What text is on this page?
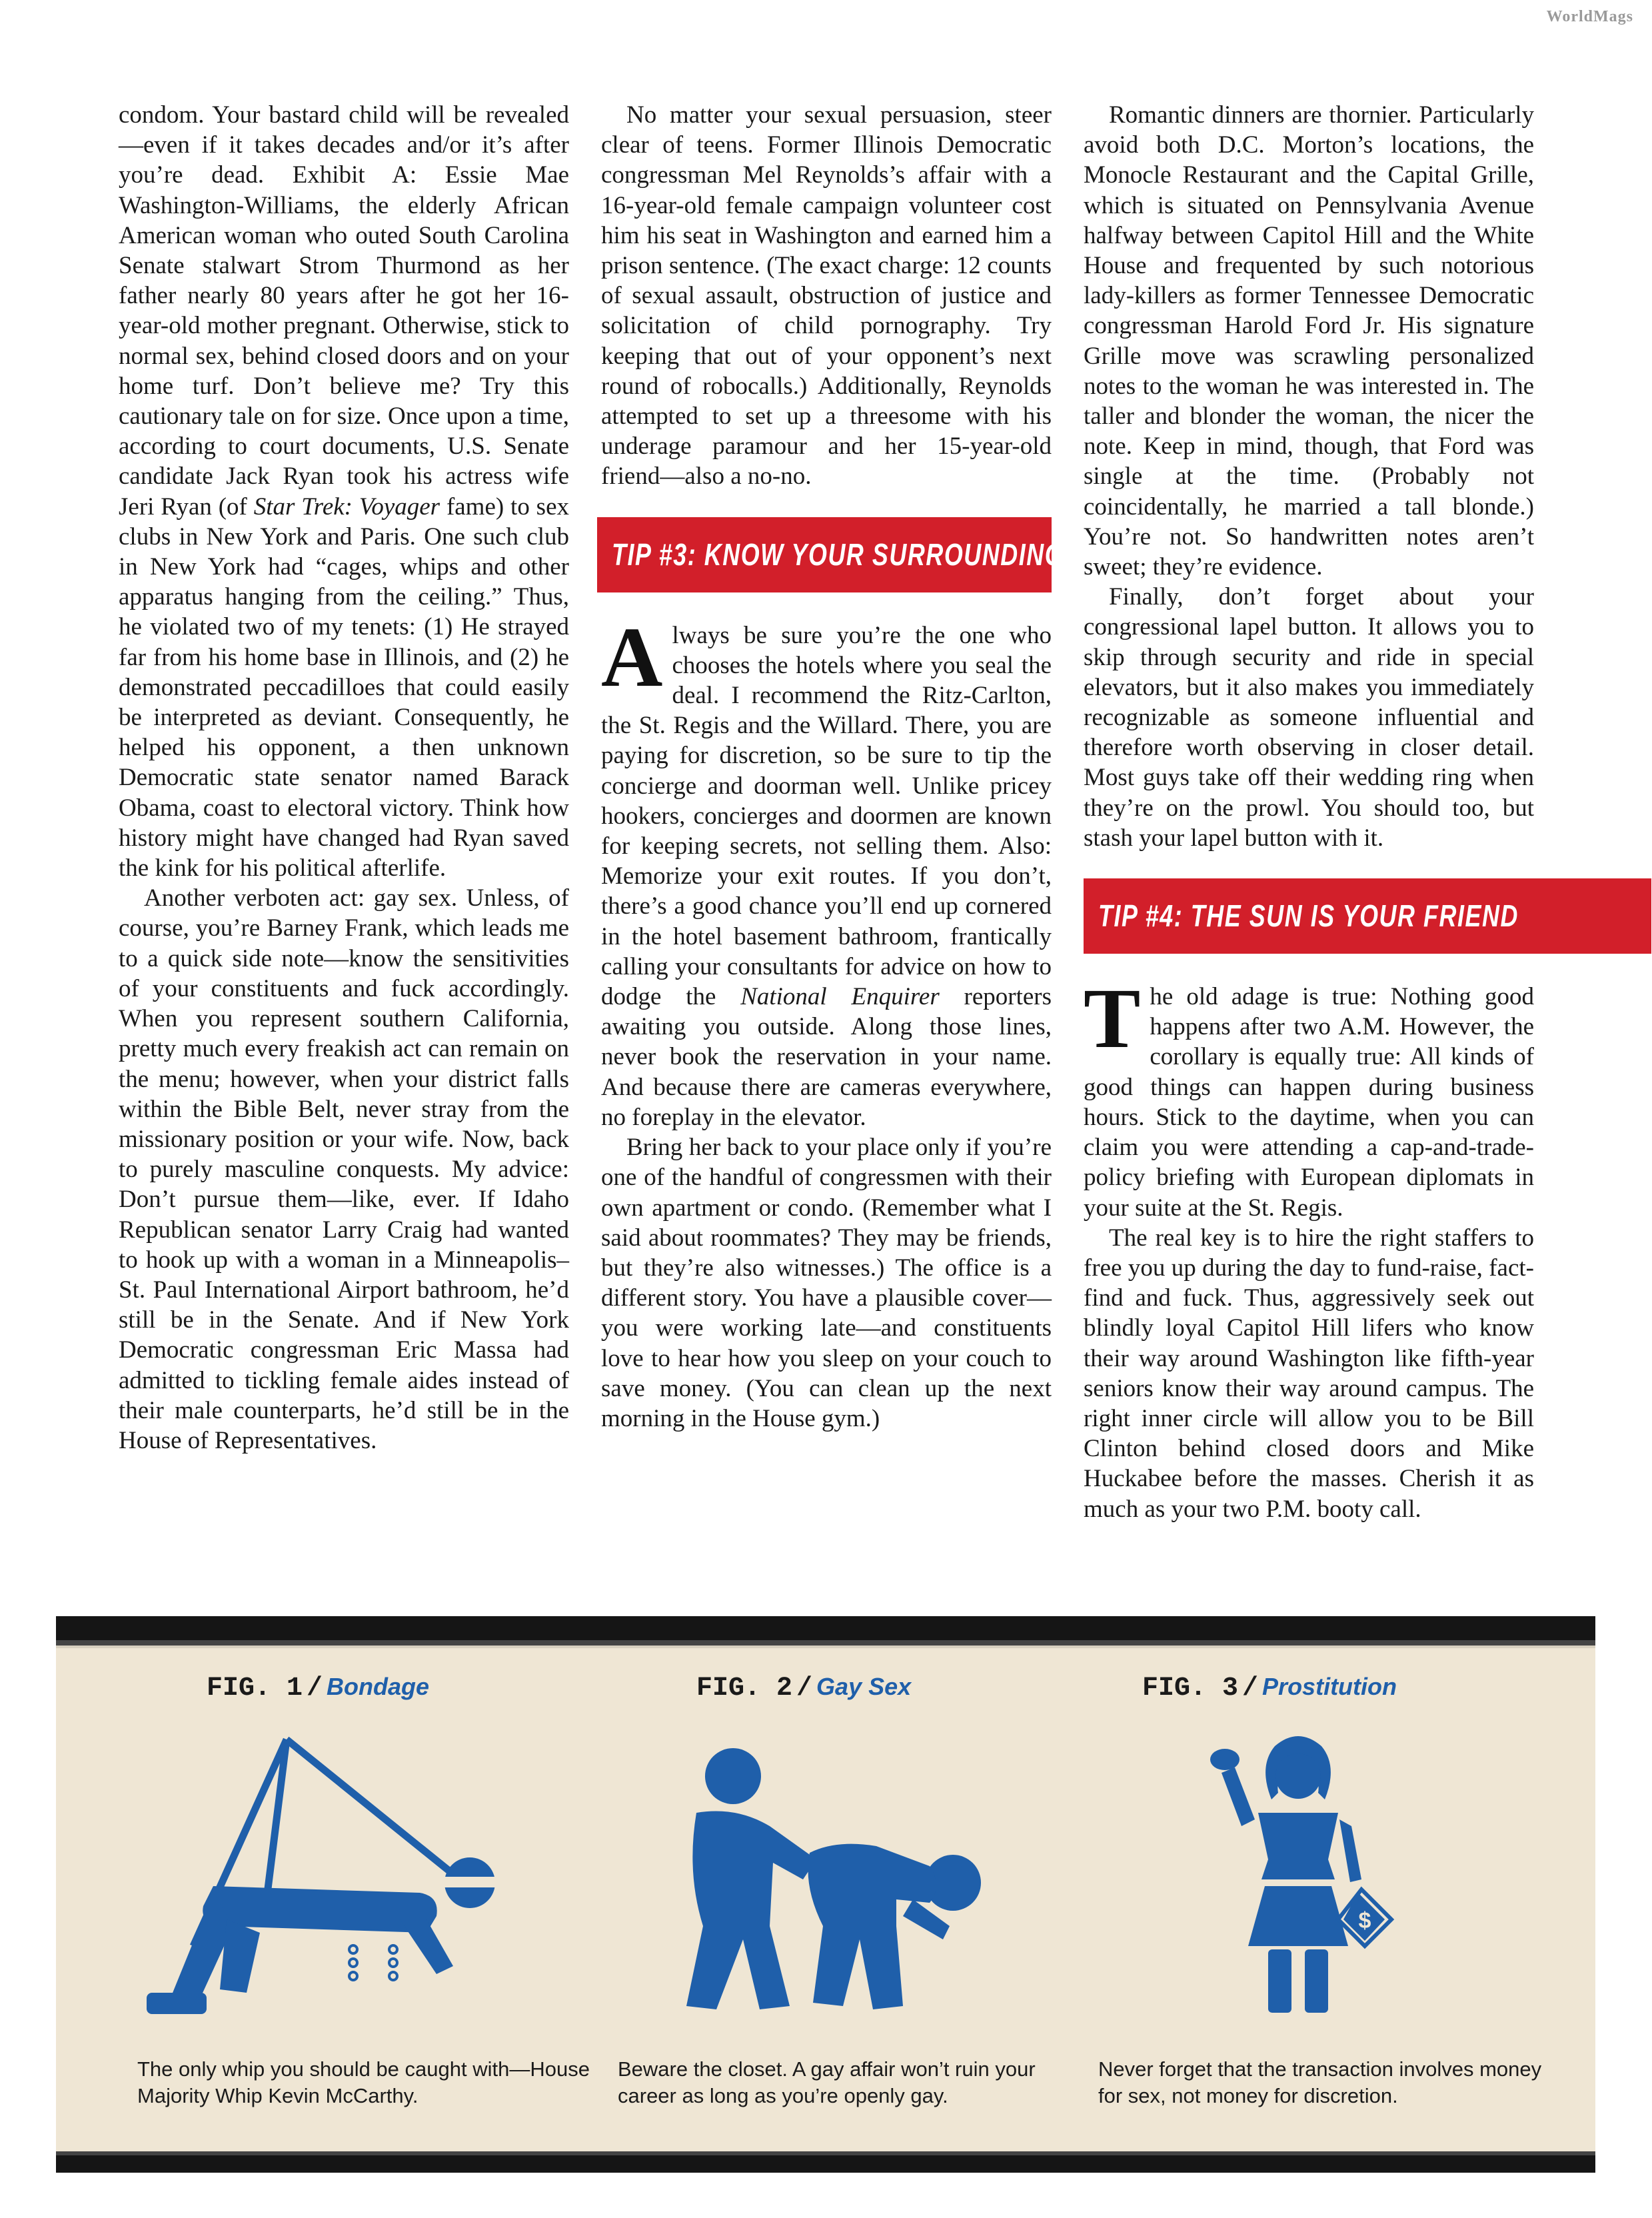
WorldMags

condom. Your bastard child will be revealed—even if it takes decades and/or it’s after you’re dead. Exhibit A: Essie Mae Washington-Williams, the elderly African American woman who outed South Carolina Senate stalwart Strom Thurmond as her father nearly 80 years after he got her 16-year-old mother pregnant. Otherwise, stick to normal sex, behind closed doors and on your home turf. Don’t believe me? Try this cautionary tale on for size. Once upon a time, according to court documents, U.S. Senate candidate Jack Ryan took his actress wife Jeri Ryan (of Star Trek: Voyager fame) to sex clubs in New York and Paris. One such club in New York had “cages, whips and other apparatus hanging from the ceiling.” Thus, he violated two of my tenets: (1) He strayed far from his home base in Illinois, and (2) he demonstrated peccadilloes that could easily be interpreted as deviant. Consequently, he helped his opponent, a then unknown Democratic state senator named Barack Obama, coast to electoral victory. Think how history might have changed had Ryan saved the kink for his political afterlife.

Another verboten act: gay sex. Unless, of course, you’re Barney Frank, which leads me to a quick side note—know the sensitivities of your constituents and fuck accordingly. When you represent southern California, pretty much every freakish act can remain on the menu; however, when your district falls within the Bible Belt, never stray from the missionary position or your wife. Now, back to purely masculine conquests. My advice: Don’t pursue them—like, ever. If Idaho Republican senator Larry Craig had wanted to hook up with a woman in a Minneapolis–St. Paul International Airport bathroom, he’d still be in the Senate. And if New York Democratic congressman Eric Massa had admitted to tickling female aides instead of their male counterparts, he’d still be in the House of Representatives.

No matter your sexual persuasion, steer clear of teens. Former Illinois Democratic congressman Mel Reynolds’s affair with a 16-year-old female campaign volunteer cost him his seat in Washington and earned him a prison sentence. (The exact charge: 12 counts of sexual assault, obstruction of justice and solicitation of child pornography. Try keeping that out of your opponent’s next round of robocalls.) Additionally, Reynolds attempted to set up a threesome with his underage paramour and her 15-year-old friend—also a no-no.

TIP #3: KNOW YOUR SURROUNDINGS

Always be sure you’re the one who chooses the hotels where you seal the deal. I recommend the Ritz-Carlton, the St. Regis and the Willard. There, you are paying for discretion, so be sure to tip the concierge and doorman well. Unlike pricey hookers, concierges and doormen are known for keeping secrets, not selling them. Also: Memorize your exit routes. If you don’t, there’s a good chance you’ll end up cornered in the hotel basement bathroom, frantically calling your consultants for advice on how to dodge the National Enquirer reporters awaiting you outside. Along those lines, never book the reservation in your name. And because there are cameras everywhere, no foreplay in the elevator.

Bring her back to your place only if you’re one of the handful of congressmen with their own apartment or condo. (Remember what I said about roommates? They may be friends, but they’re also witnesses.) The office is a different story. You have a plausible cover—you were working late—and constituents love to hear how you sleep on your couch to save money. (You can clean up the next morning in the House gym.)

Romantic dinners are thornier. Particularly avoid both D.C. Morton’s locations, the Monocle Restaurant and the Capital Grille, which is situated on Pennsylvania Avenue halfway between Capitol Hill and the White House and frequented by such notorious lady-killers as former Tennessee Democratic congressman Harold Ford Jr. His signature Grille move was scrawling personalized notes to the woman he was interested in. The taller and blonder the woman, the nicer the note. Keep in mind, though, that Ford was single at the time. (Probably not coincidentally, he married a tall blonde.) You’re not. So handwritten notes aren’t sweet; they’re evidence.

Finally, don’t forget about your congressional lapel button. It allows you to skip through security and ride in special elevators, but it also makes you immediately recognizable as someone influential and therefore worth observing in closer detail. Most guys take off their wedding ring when they’re on the prowl. You should too, but stash your lapel button with it.

TIP #4: THE SUN IS YOUR FRIEND

The old adage is true: Nothing good happens after two A.M. However, the corollary is equally true: All kinds of good things can happen during business hours. Stick to the daytime, when you can claim you were attending a cap-and-trade-policy briefing with European diplomats in your suite at the St. Regis.

The real key is to hire the right staffers to free you up during the day to fund-raise, fact-find and fuck. Thus, aggressively seek out blindly loyal Capitol Hill lifers who know their way around Washington like fifth-year seniors know their way around campus. The right inner circle will allow you to be Bill Clinton behind closed doors and Mike Huckabee before the masses. Cherish it as much as your two P.M. booty call.

FIG. 1 / Bondage
The only whip you should be caught with—House Majority Whip Kevin McCarthy.
FIG. 2 / Gay Sex
Beware the closet. A gay affair won’t ruin your career as long as you’re openly gay.
FIG. 3 / Prostitution
$
Never forget that the transaction involves money for sex, not money for discretion.
